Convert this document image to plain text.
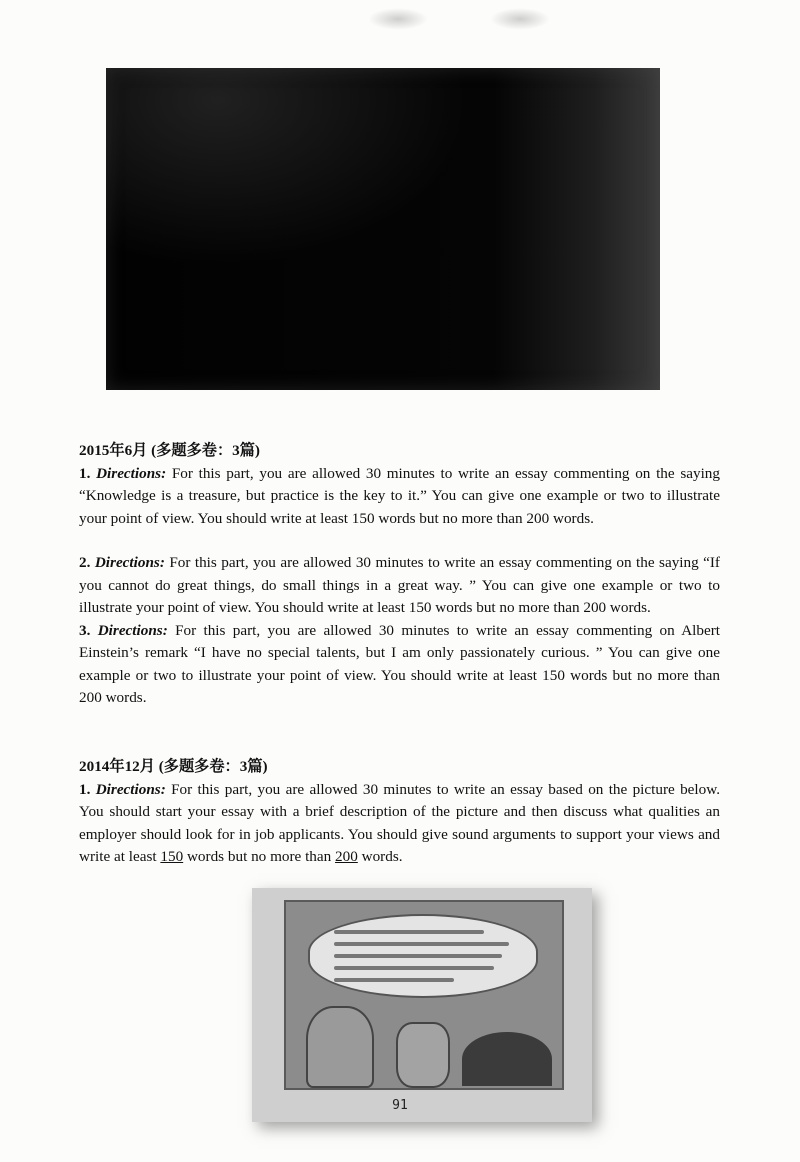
2015年6月 (多题多卷：3篇)

1. Directions: For this part, you are allowed 30 minutes to write an essay commenting on the saying “Knowledge is a treasure, but practice is the key to it.” You can give one example or two to illustrate your point of view. You should write at least 150 words but no more than 200 words.

2. Directions: For this part, you are allowed 30 minutes to write an essay commenting on the saying “If you cannot do great things, do small things in a great way. ” You can give one example or two to illustrate your point of view. You should write at least 150 words but no more than 200 words.

3. Directions: For this part, you are allowed 30 minutes to write an essay commenting on Albert Einstein’s remark “I have no special talents, but I am only passionately curious. ” You can give one example or two to illustrate your point of view. You should write at least 150 words but no more than 200 words.

2014年12月 (多题多卷：3篇)

1. Directions: For this part, you are allowed 30 minutes to write an essay based on the picture below. You should start your essay with a brief description of the picture and then discuss what qualities an employer should look for in job applicants. You should give sound arguments to support your views and write at least 150 words but no more than 200 words.

91
